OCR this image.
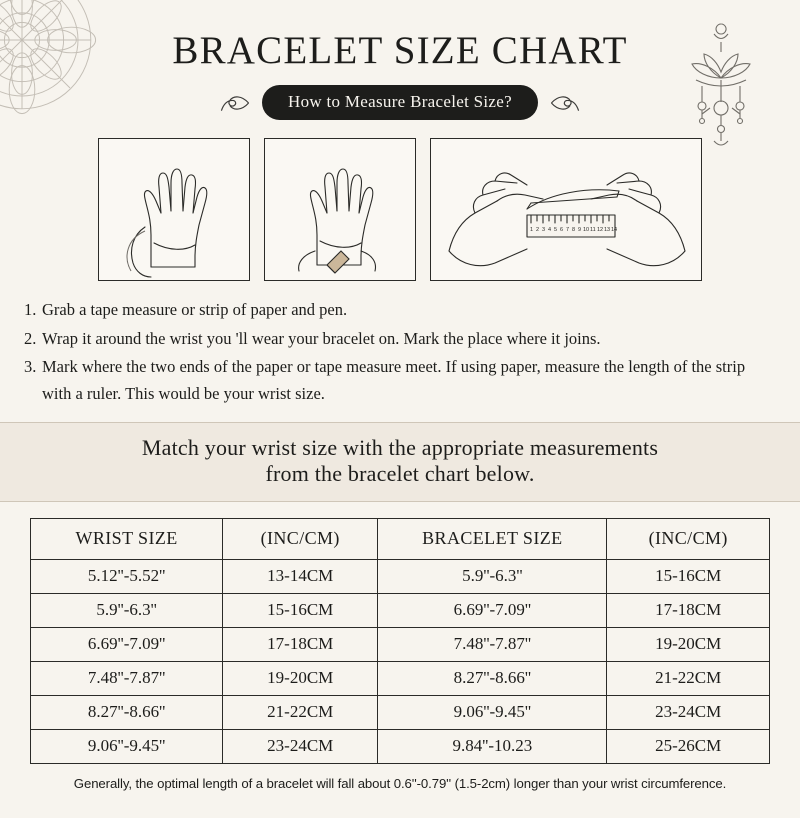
BRACELET SIZE CHART
How to Measure Bracelet Size?
1 2 3 4 5 6 7 8 9 10 11 12 13 14
1. Grab a tape measure or strip of paper and pen.
2. Wrap it around the wrist you 'll wear your bracelet on. Mark the place where it joins.
3. Mark where the two ends of the paper or tape measure meet. If using paper, measure the length of the strip with a ruler. This would be your wrist size.
Match your wrist size with the appropriate measurements
from the bracelet chart below.
WRIST SIZE	(INC/CM)	BRACELET SIZE	(INC/CM)
5.12''-5.52''	13-14CM	5.9''-6.3''	15-16CM
5.9''-6.3''	15-16CM	6.69''-7.09''	17-18CM
6.69''-7.09''	17-18CM	7.48''-7.87''	19-20CM
7.48''-7.87''	19-20CM	8.27''-8.66''	21-22CM
8.27''-8.66''	21-22CM	9.06''-9.45''	23-24CM
9.06''-9.45''	23-24CM	9.84''-10.23	25-26CM
Generally, the optimal length of a bracelet will fall about 0.6''-0.79'' (1.5-2cm) longer than your wrist circumference.
